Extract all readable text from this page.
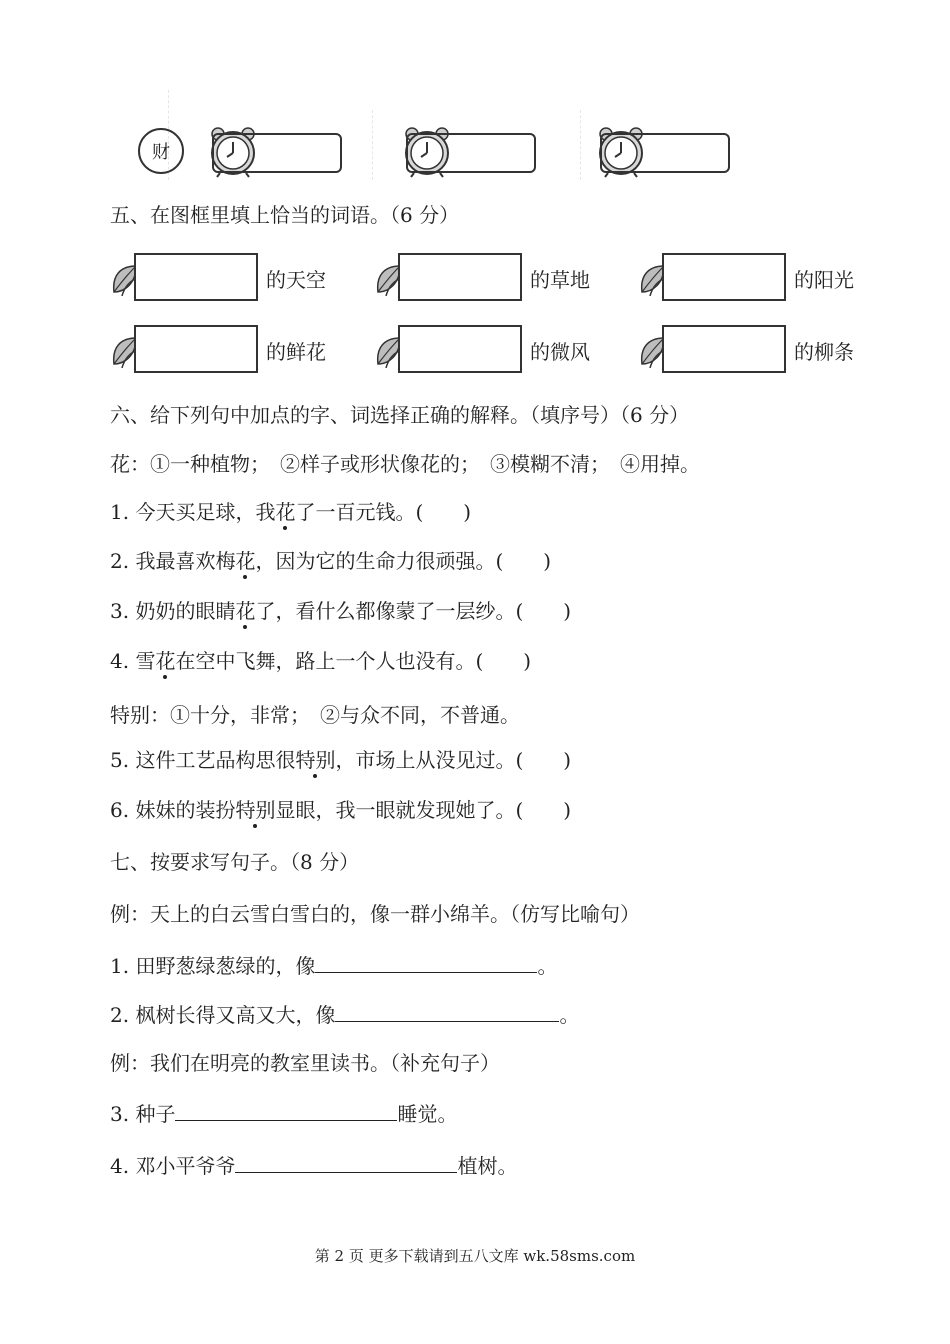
财
五、在图框里填上恰当的词语。（6 分）
的天空	的草地	的阳光
的鲜花	的微风	的柳条
六、给下列句中加点的字、词选择正确的解释。（填序号）（6 分）
花：①一种植物；　②样子或形状像花的；　③模糊不清；　④用掉。
1. 今天买足球，我花了一百元钱。(　　)
2. 我最喜欢梅花，因为它的生命力很顽强。(　　)
3. 奶奶的眼睛花了，看什么都像蒙了一层纱。(　　)
4. 雪花在空中飞舞，路上一个人也没有。(　　)
特别：①十分，非常；　②与众不同，不普通。
5. 这件工艺品构思很特别，市场上从没见过。(　　)
6. 妹妹的装扮特别显眼，我一眼就发现她了。(　　)
七、按要求写句子。（8 分）
例：天上的白云雪白雪白的，像一群小绵羊。（仿写比喻句）
1. 田野葱绿葱绿的，像	。
2. 枫树长得又高又大，像	。
例：我们在明亮的教室里读书。（补充句子）
3. 种子	睡觉。
4. 邓小平爷爷	植树。
第 2 页 更多下载请到五八文库 wk.58sms.com
